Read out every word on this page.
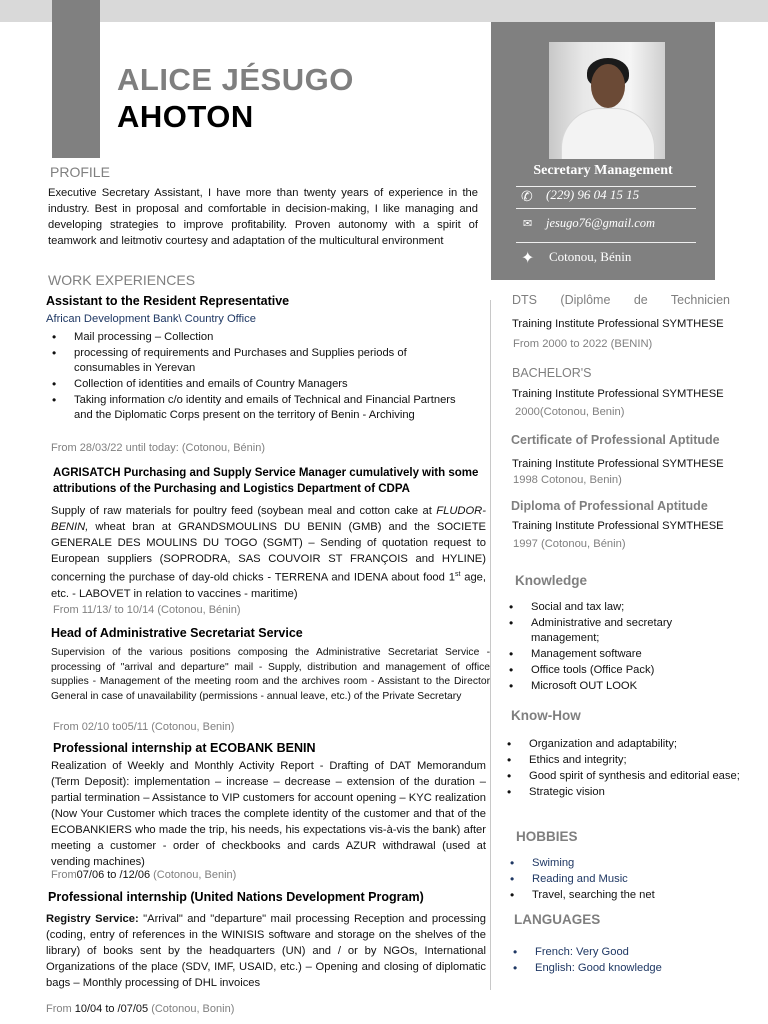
ALICE JÉSUGO
AHOTON
PROFILE
Executive Secretary Assistant, I have more than twenty years of experience in the industry. Best in proposal and comfortable in decision-making, I like managing and developing strategies to improve profitability. Proven autonomy with a spirit of teamwork and leitmotiv courtesy and adaptation of the multicultural environment
WORK EXPERIENCES
Assistant to the Resident Representative
African Development Bank\ Country Office
• Mail processing – Collection
• processing of requirements and Purchases and Supplies periods of consumables in Yerevan
• Collection of identities and emails of Country Managers
• Taking information c/o identity and emails of Technical and Financial Partners and the Diplomatic Corps present on the territory of Benin - Archiving
From 28/03/22 until today: (Cotonou, Bénin)
AGRISATCH Purchasing and Supply Service Manager cumulatively with some attributions of the Purchasing and Logistics Department of CDPA
Supply of raw materials for poultry feed (soybean meal and cotton cake at FLUDOR-BENIN, wheat bran at GRANDSMOULINS DU BENIN (GMB) and the SOCIETE GENERALE DES MOULINS DU TOGO (SGMT) – Sending of quotation request to European suppliers (SOPRODRA, SAS COUVOIR ST FRANÇOIS and HYLINE) concerning the purchase of day-old chicks - TERRENA and IDENA about food 1st age, etc. - LABOVET in relation to vaccines - maritime)
From 11/13/ to 10/14 (Cotonou, Bénin)
Head of Administrative Secretariat Service
Supervision of the various positions composing the Administrative Secretariat Service - processing of "arrival and departure" mail - Supply, distribution and management of office supplies - Management of the meeting room and the archives room - Assistant to the Director General in case of unavailability (permissions - annual leave, etc.) of the Private Secretary
From 02/10 to05/11 (Cotonou, Benin)
Professional internship at ECOBANK BENIN
Realization of Weekly and Monthly Activity Report - Drafting of DAT Memorandum (Term Deposit): implementation – increase – decrease – extension of the duration – partial termination – Assistance to VIP customers for account opening – KYC realization (Now Your Customer which traces the complete identity of the customer and that of the ECOBANKIERS who made the trip, his needs, his expectations vis-à-vis the bank) after meeting a customer - order of checkbooks and cards AZUR withdrawal (used at vending machines)
From07/06 to /12/06 (Cotonou, Benin)
Professional internship (United Nations Development Program)
Registry Service: "Arrival" and "departure" mail processing Reception and processing (coding, entry of references in the WINISIS software and storage on the shelves of the library) of books sent by the headquarters (UN) and / or by NGOs, International Organizations of the place (SDV, IMF, USAID, etc.) – Opening and closing of diplomatic bags – Monthly processing of DHL invoices
From 10/04 to /07/05 (Cotonou, Bonin)
Secretary Management
✆ (229) 96 04 15 15
✉ jesugo76@gmail.com
✦ Cotonou, Bénin
DTS (Diplôme de Technicien
Training Institute Professional SYMTHESE
From 2000 to 2022 (BENIN)
BACHELOR'S
Training Institute Professional SYMTHESE
2000(Cotonou, Benin)
Certificate of Professional Aptitude
Training Institute Professional SYMTHESE
1998 Cotonou, Benin)
Diploma of Professional Aptitude
Training Institute Professional SYMTHESE
1997 (Cotonou, Bénin)
Knowledge
• Social and tax law;
• Administrative and secretary management;
• Management software
• Office tools (Office Pack)
• Microsoft OUT LOOK
Know-How
• Organization and adaptability;
• Ethics and integrity;
• Good spirit of synthesis and editorial ease;
• Strategic vision
HOBBIES
• Swiming
• Reading and Music
• Travel, searching the net
LANGUAGES
• French: Very Good
• English: Good knowledge
